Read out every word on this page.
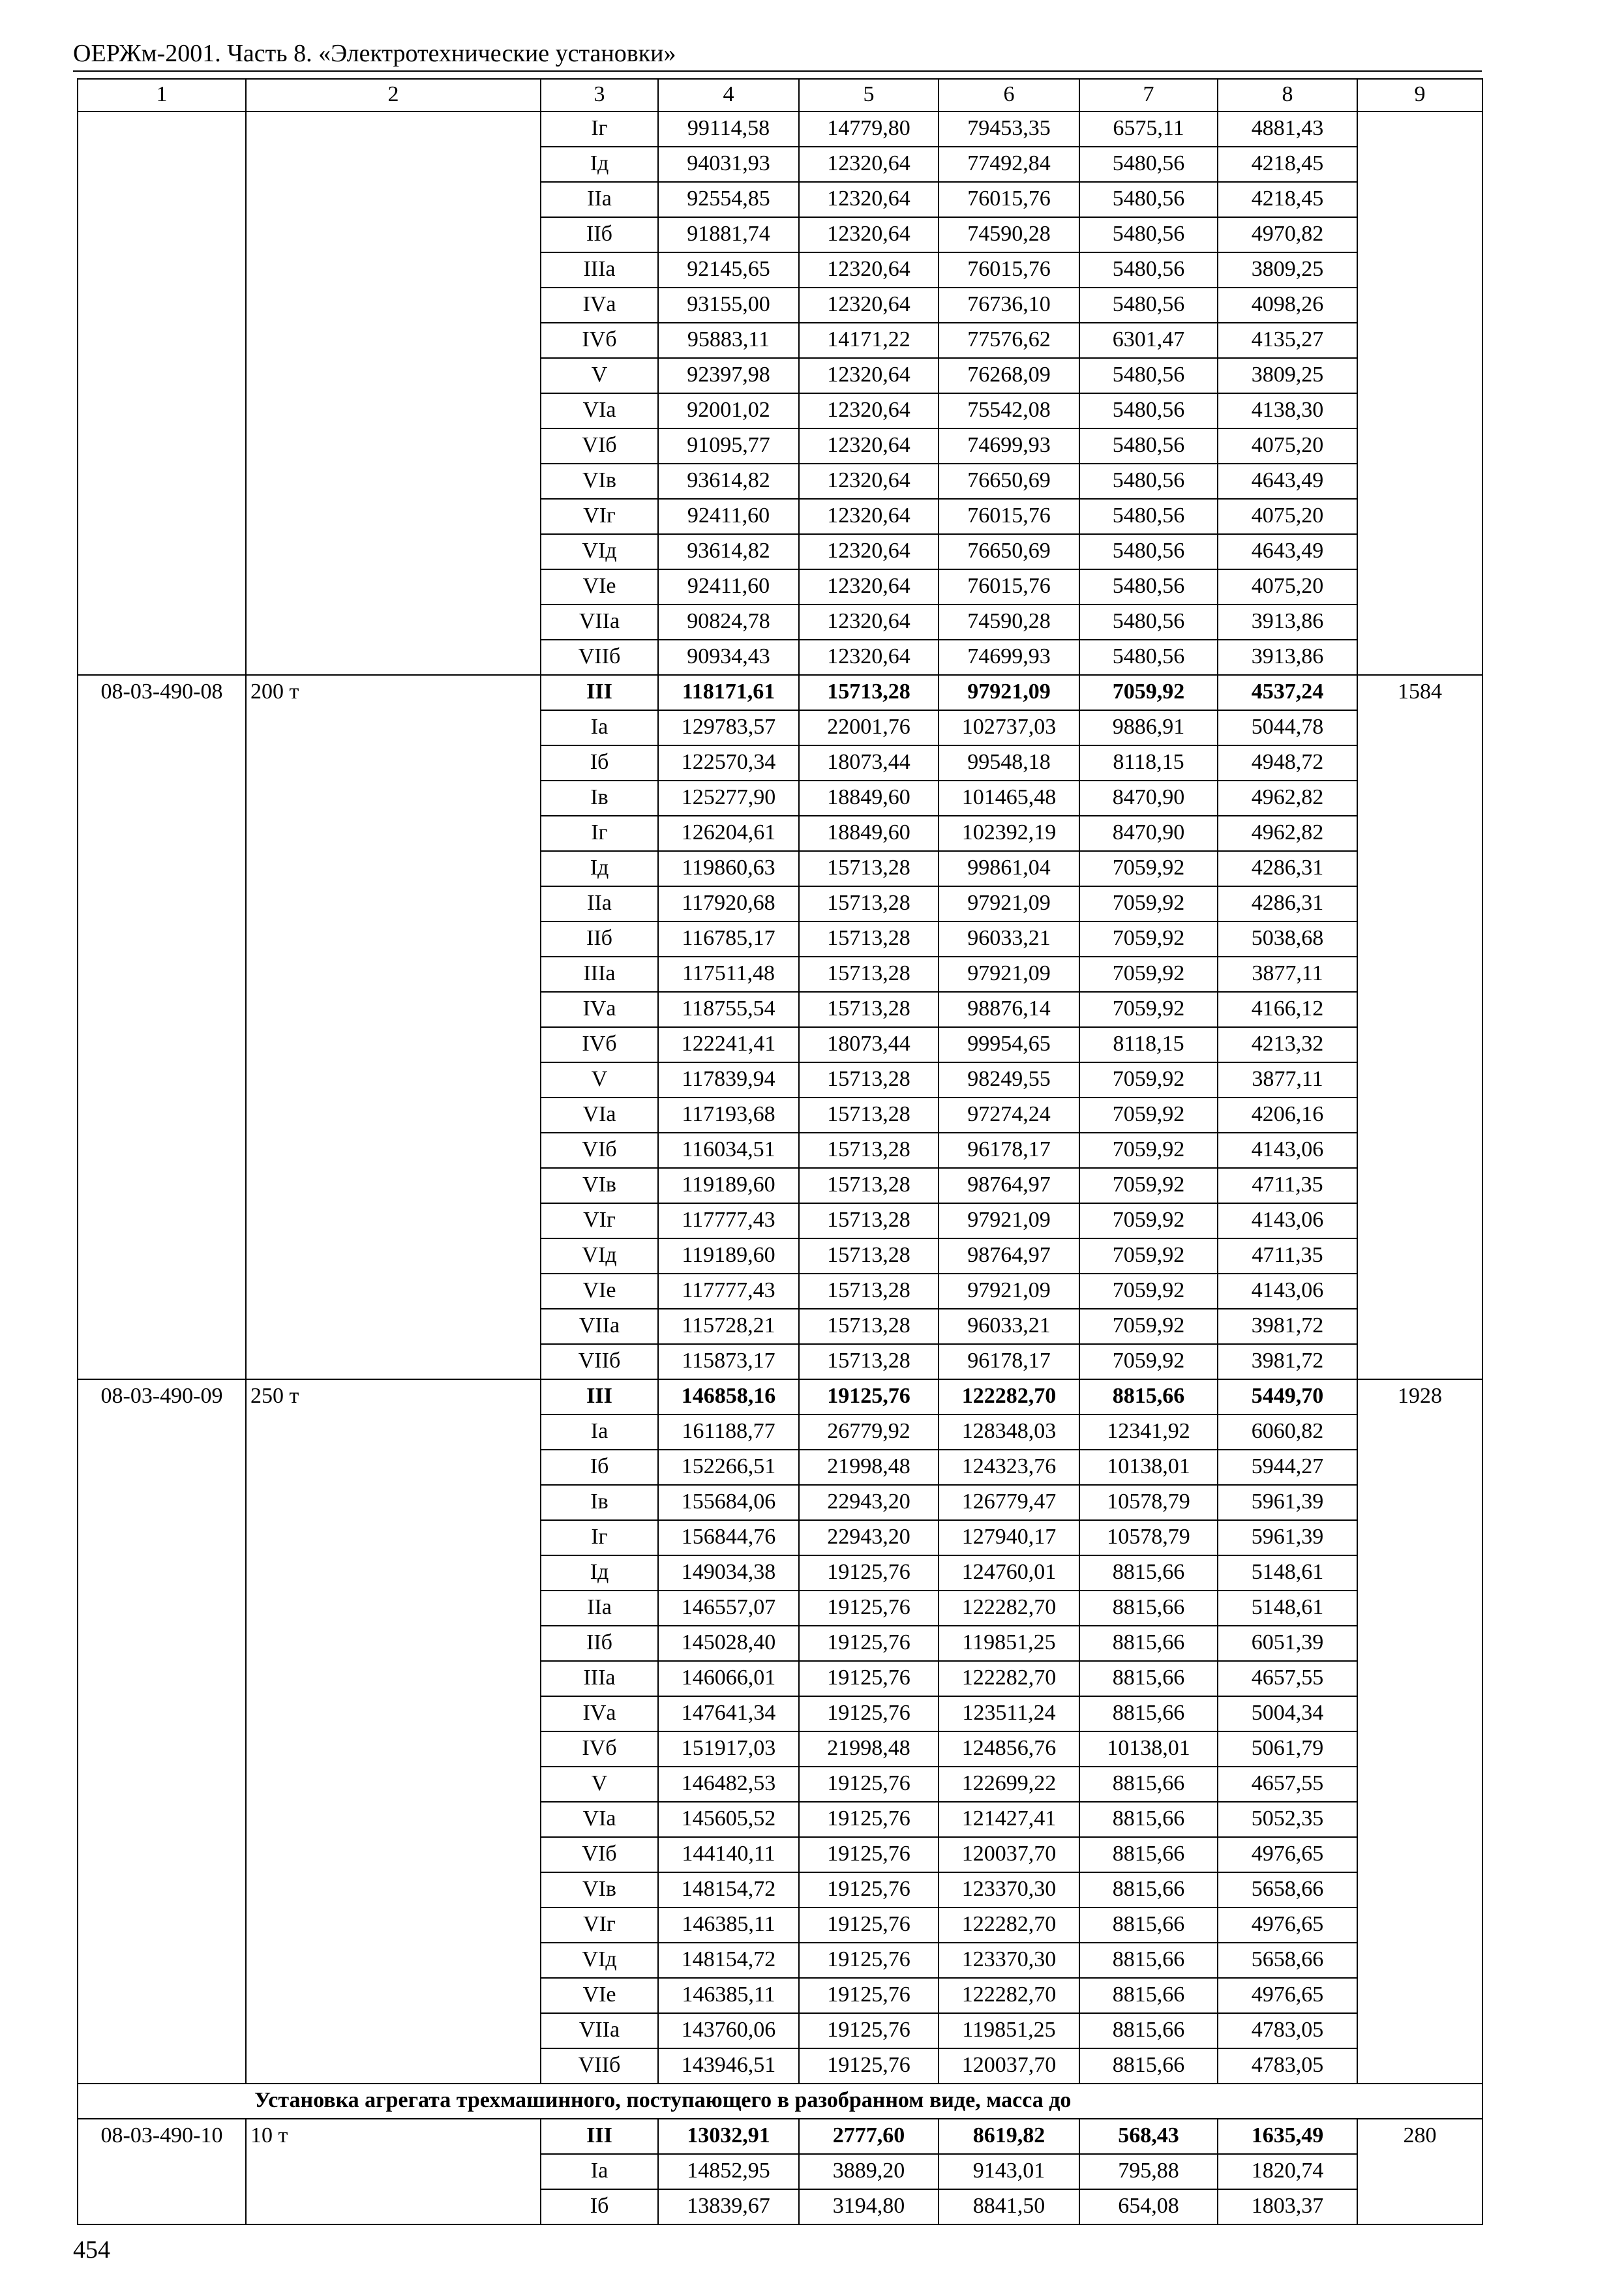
ОЕРЖм-2001. Часть 8. «Электротехнические установки»
1	2	3	4	5	6	7	8	9
		Iг	99114,58	14779,80	79453,35	6575,11	4881,43	
		Iд	94031,93	12320,64	77492,84	5480,56	4218,45	
		IIа	92554,85	12320,64	76015,76	5480,56	4218,45	
		IIб	91881,74	12320,64	74590,28	5480,56	4970,82	
		IIIа	92145,65	12320,64	76015,76	5480,56	3809,25	
		IVа	93155,00	12320,64	76736,10	5480,56	4098,26	
		IVб	95883,11	14171,22	77576,62	6301,47	4135,27	
		V	92397,98	12320,64	76268,09	5480,56	3809,25	
		VIа	92001,02	12320,64	75542,08	5480,56	4138,30	
		VIб	91095,77	12320,64	74699,93	5480,56	4075,20	
		VIв	93614,82	12320,64	76650,69	5480,56	4643,49	
		VIг	92411,60	12320,64	76015,76	5480,56	4075,20	
		VIд	93614,82	12320,64	76650,69	5480,56	4643,49	
		VIе	92411,60	12320,64	76015,76	5480,56	4075,20	
		VIIа	90824,78	12320,64	74590,28	5480,56	3913,86	
		VIIб	90934,43	12320,64	74699,93	5480,56	3913,86	
08-03-490-08	200 т	III	118171,61	15713,28	97921,09	7059,92	4537,24	1584
		Iа	129783,57	22001,76	102737,03	9886,91	5044,78	
		Iб	122570,34	18073,44	99548,18	8118,15	4948,72	
		Iв	125277,90	18849,60	101465,48	8470,90	4962,82	
		Iг	126204,61	18849,60	102392,19	8470,90	4962,82	
		Iд	119860,63	15713,28	99861,04	7059,92	4286,31	
		IIа	117920,68	15713,28	97921,09	7059,92	4286,31	
		IIб	116785,17	15713,28	96033,21	7059,92	5038,68	
		IIIа	117511,48	15713,28	97921,09	7059,92	3877,11	
		IVа	118755,54	15713,28	98876,14	7059,92	4166,12	
		IVб	122241,41	18073,44	99954,65	8118,15	4213,32	
		V	117839,94	15713,28	98249,55	7059,92	3877,11	
		VIа	117193,68	15713,28	97274,24	7059,92	4206,16	
		VIб	116034,51	15713,28	96178,17	7059,92	4143,06	
		VIв	119189,60	15713,28	98764,97	7059,92	4711,35	
		VIг	117777,43	15713,28	97921,09	7059,92	4143,06	
		VIд	119189,60	15713,28	98764,97	7059,92	4711,35	
		VIе	117777,43	15713,28	97921,09	7059,92	4143,06	
		VIIа	115728,21	15713,28	96033,21	7059,92	3981,72	
		VIIб	115873,17	15713,28	96178,17	7059,92	3981,72	
08-03-490-09	250 т	III	146858,16	19125,76	122282,70	8815,66	5449,70	1928
		Iа	161188,77	26779,92	128348,03	12341,92	6060,82	
		Iб	152266,51	21998,48	124323,76	10138,01	5944,27	
		Iв	155684,06	22943,20	126779,47	10578,79	5961,39	
		Iг	156844,76	22943,20	127940,17	10578,79	5961,39	
		Iд	149034,38	19125,76	124760,01	8815,66	5148,61	
		IIа	146557,07	19125,76	122282,70	8815,66	5148,61	
		IIб	145028,40	19125,76	119851,25	8815,66	6051,39	
		IIIа	146066,01	19125,76	122282,70	8815,66	4657,55	
		IVа	147641,34	19125,76	123511,24	8815,66	5004,34	
		IVб	151917,03	21998,48	124856,76	10138,01	5061,79	
		V	146482,53	19125,76	122699,22	8815,66	4657,55	
		VIа	145605,52	19125,76	121427,41	8815,66	5052,35	
		VIб	144140,11	19125,76	120037,70	8815,66	4976,65	
		VIв	148154,72	19125,76	123370,30	8815,66	5658,66	
		VIг	146385,11	19125,76	122282,70	8815,66	4976,65	
		VIд	148154,72	19125,76	123370,30	8815,66	5658,66	
		VIе	146385,11	19125,76	122282,70	8815,66	4976,65	
		VIIа	143760,06	19125,76	119851,25	8815,66	4783,05	
		VIIб	143946,51	19125,76	120037,70	8815,66	4783,05	
Установка агрегата трехмашинного, поступающего в разобранном виде, масса до								
08-03-490-10	10 т	III	13032,91	2777,60	8619,82	568,43	1635,49	280
		Iа	14852,95	3889,20	9143,01	795,88	1820,74	
		Iб	13839,67	3194,80	8841,50	654,08	1803,37	
454
